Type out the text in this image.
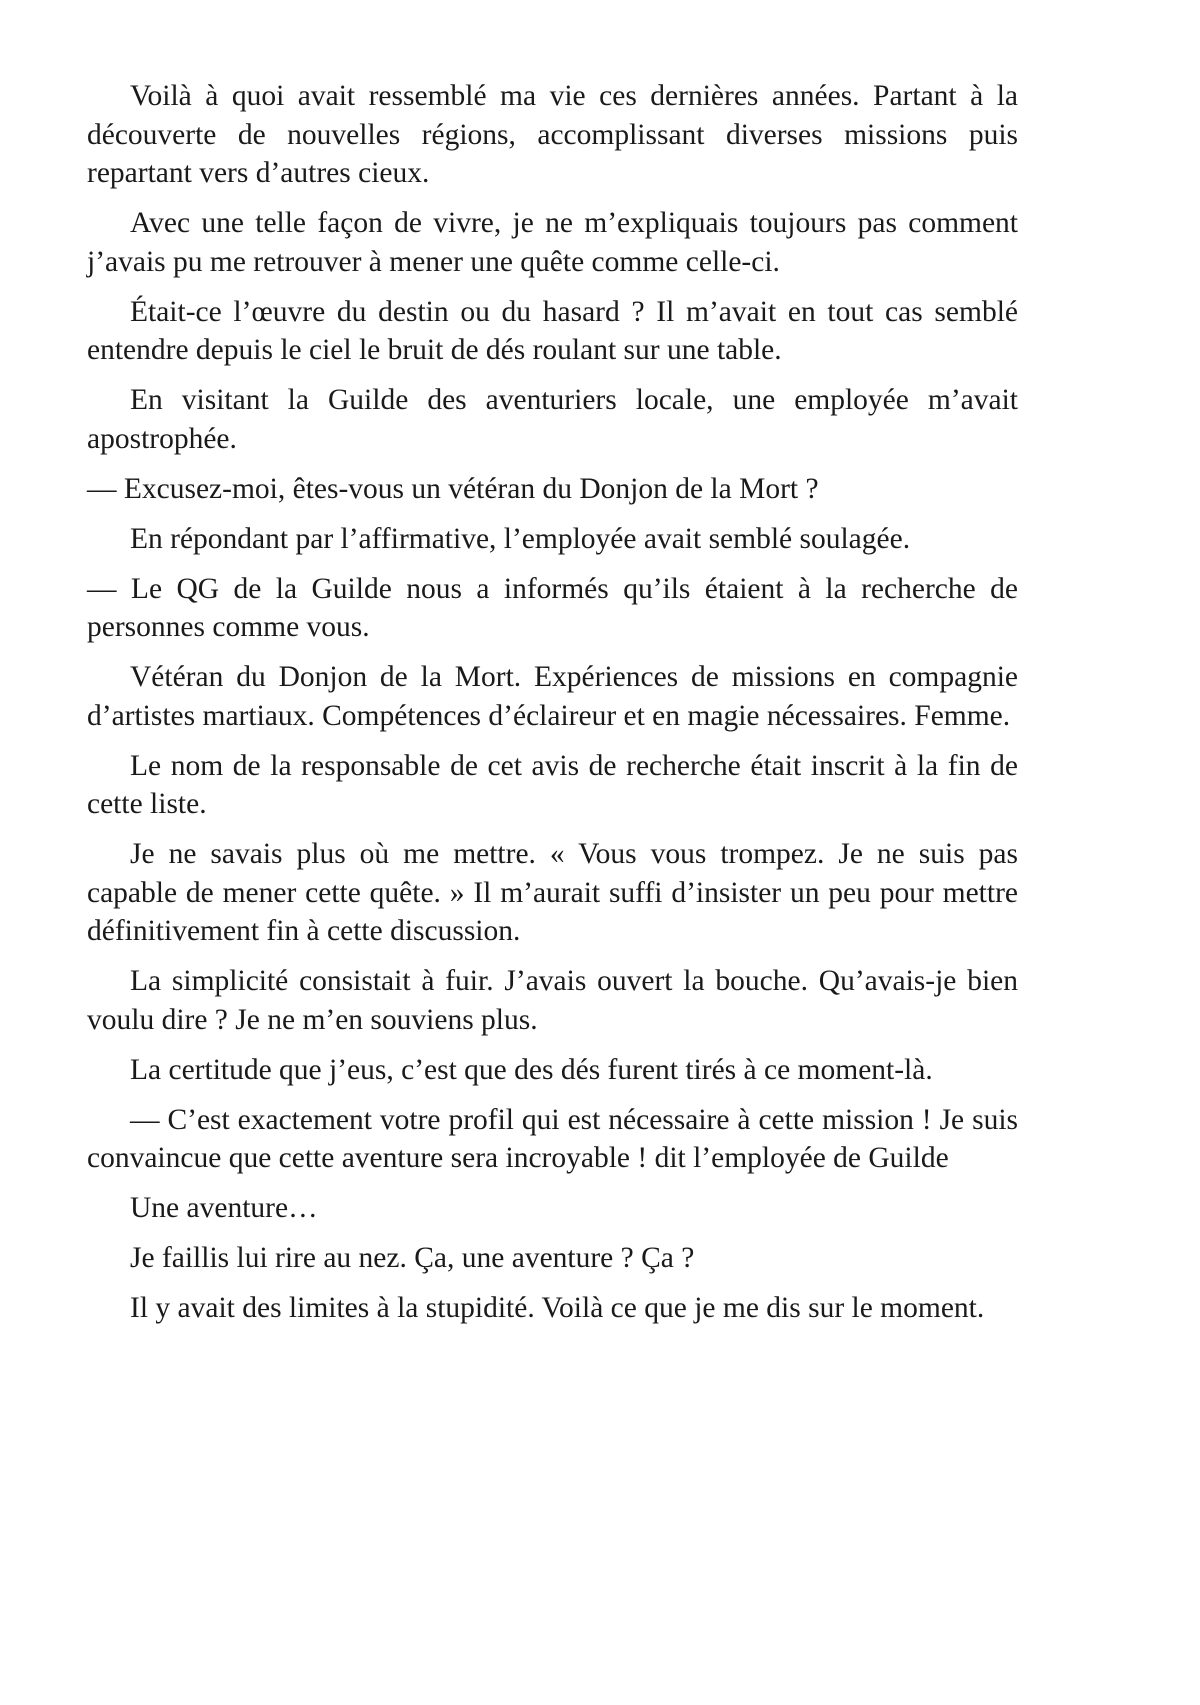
Voilà à quoi avait ressemblé ma vie ces dernières années. Partant à la découverte de nouvelles régions, accomplissant diverses missions puis repartant vers d’autres cieux.

Avec une telle façon de vivre, je ne m’expliquais toujours pas comment j’avais pu me retrouver à mener une quête comme celle-ci.

Était-ce l’œuvre du destin ou du hasard ? Il m’avait en tout cas semblé entendre depuis le ciel le bruit de dés roulant sur une table.

En visitant la Guilde des aventuriers locale, une employée m’avait apostrophée.

— Excusez-moi, êtes-vous un vétéran du Donjon de la Mort ?

En répondant par l’affirmative, l’employée avait semblé soulagée.

— Le QG de la Guilde nous a informés qu’ils étaient à la recherche de personnes comme vous.

Vétéran du Donjon de la Mort. Expériences de missions en compagnie d’artistes martiaux. Compétences d’éclaireur et en magie nécessaires. Femme.

Le nom de la responsable de cet avis de recherche était inscrit à la fin de cette liste.

Je ne savais plus où me mettre. « Vous vous trompez. Je ne suis pas capable de mener cette quête. » Il m’aurait suffi d’insister un peu pour mettre définitivement fin à cette discussion.

La simplicité consistait à fuir. J’avais ouvert la bouche. Qu’avais-je bien voulu dire ? Je ne m’en souviens plus.

La certitude que j’eus, c’est que des dés furent tirés à ce moment-là.

— C’est exactement votre profil qui est nécessaire à cette mission ! Je suis convaincue que cette aventure sera incroyable ! dit l’employée de Guilde

Une aventure…

Je faillis lui rire au nez. Ça, une aventure ? Ça ?

Il y avait des limites à la stupidité. Voilà ce que je me dis sur le moment.
